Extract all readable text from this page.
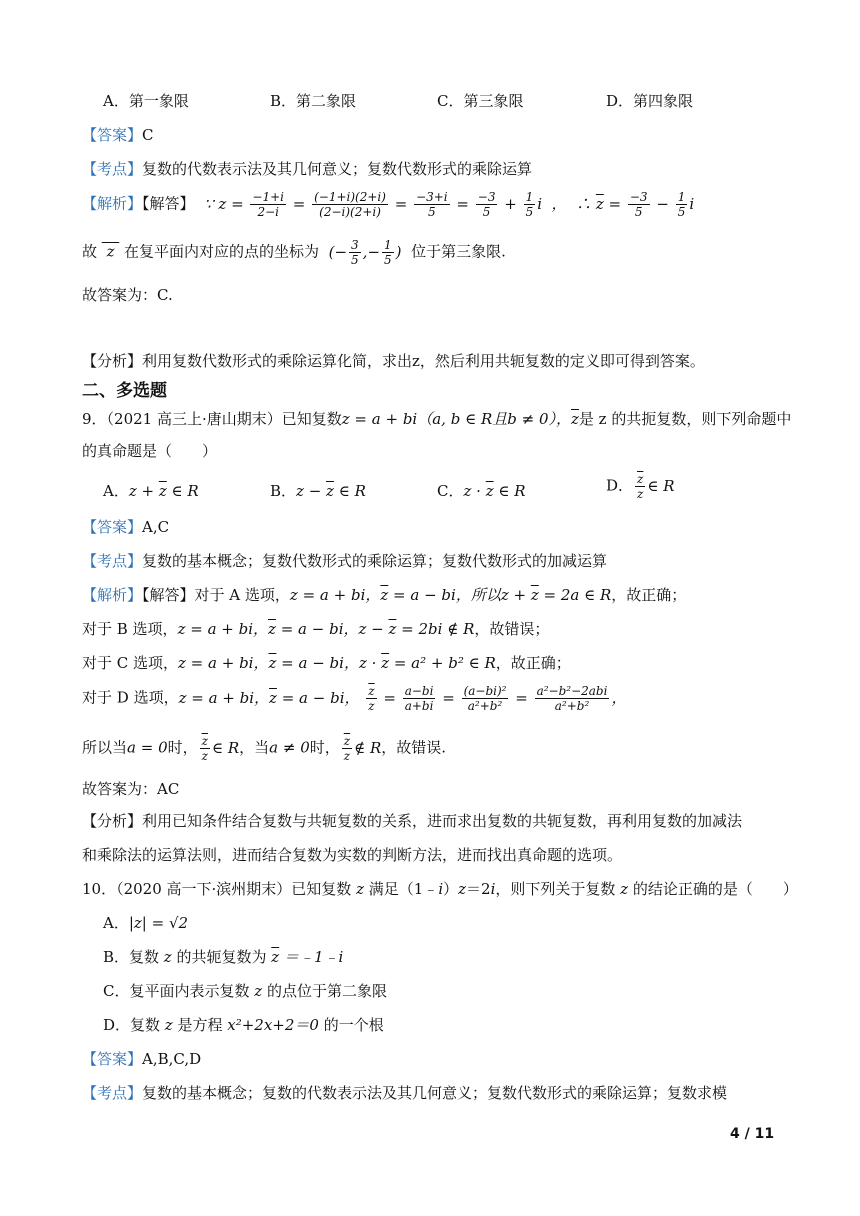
A．第一象限	B．第二象限	C．第三象限	D．第四象限
【答案】C
【考点】复数的代数表示法及其几何意义；复数代数形式的乘除运算
【解析】【解答】  ∵ $z = \frac{-1+i}{2-i} = \frac{(-1+i)(2+i)}{(2-i)(2+i)} = \frac{-3+i}{5} = \frac{-3}{5} + \frac{1}{5}$ i  ，  ∴ $\overline{z} = \frac{-3}{5} - \frac{1}{5}$ i
故  z  在复平面内对应的点的坐标为  (− $\frac{3}{5}$ ,− $\frac{1}{5}$ )  位于第三象限.
故答案为：C.
【分析】利用复数代数形式的乘除运算化简，求出z，然后利用共轭复数的定义即可得到答案。
二、多选题
9．（2021 高三上·唐山期末）已知复数z = a + bi（a, b ∈ R且b ≠ 0），$\overline{z}$是 z 的共扼复数，则下列命题中
的真命题是（　　）
A．$z + \overline{z}$ ∈ R	B．$z - \overline{z}$ ∈ R	C．$z \cdot \overline{z}$ ∈ R	D． $\frac{\overline{z}}{z}$ ∈ R
【答案】A,C
【考点】复数的基本概念；复数代数形式的乘除运算；复数代数形式的加减运算
【解析】【解答】对于 A 选项，z = a + bi，$\overline{z} = a$ − bi，所以$z + \overline{z} = 2a$ ∈ R，故正确；
对于 B 选项，z = a + bi，$\overline{z} = a$ − bi，$z - \overline{z} = 2bi$ ∉ R，故错误；
对于 C 选项，z = a + bi，$\overline{z} = a$ − bi，$z \cdot \overline{z} = a^2 + b^2$ ∈ R，故正确；
对于 D 选项，z = a + bi，$\overline{z} = a$ − bi， $\frac{\overline{z}}{z} = \frac{a-bi}{a+bi} = \frac{\text{(a−bi)²}}{\text{a²+b²}} = \frac{\text{a²−b²−2abi}}{\text{a²+b²}}$ ，
所以当a = 0时， $\frac{\overline{z}}{z}$ ∈ R，当a ≠ 0时， $\frac{\overline{z}}{z}$ ∉ R，故错误.
故答案为：AC
【分析】利用已知条件结合复数与共轭复数的关系，进而求出复数的共轭复数，再利用复数的加减法
和乘除法的运算法则，进而结合复数为实数的判断方法，进而找出真命题的选项。
10．（2020 高一下·滨州期末）已知复数 z 满足（1﹣i）z＝2i，则下列关于复数 z 的结论正确的是（　　）
A．|z| = √2
B．复数 z 的共轭复数为 $\overline{z}$ ＝﹣1﹣i
C．复平面内表示复数 z 的点位于第二象限
D．复数 z 是方程 x²+2x+2＝0 的一个根
【答案】A,B,C,D
【考点】复数的基本概念；复数的代数表示法及其几何意义；复数代数形式的乘除运算；复数求模
4 / 11
